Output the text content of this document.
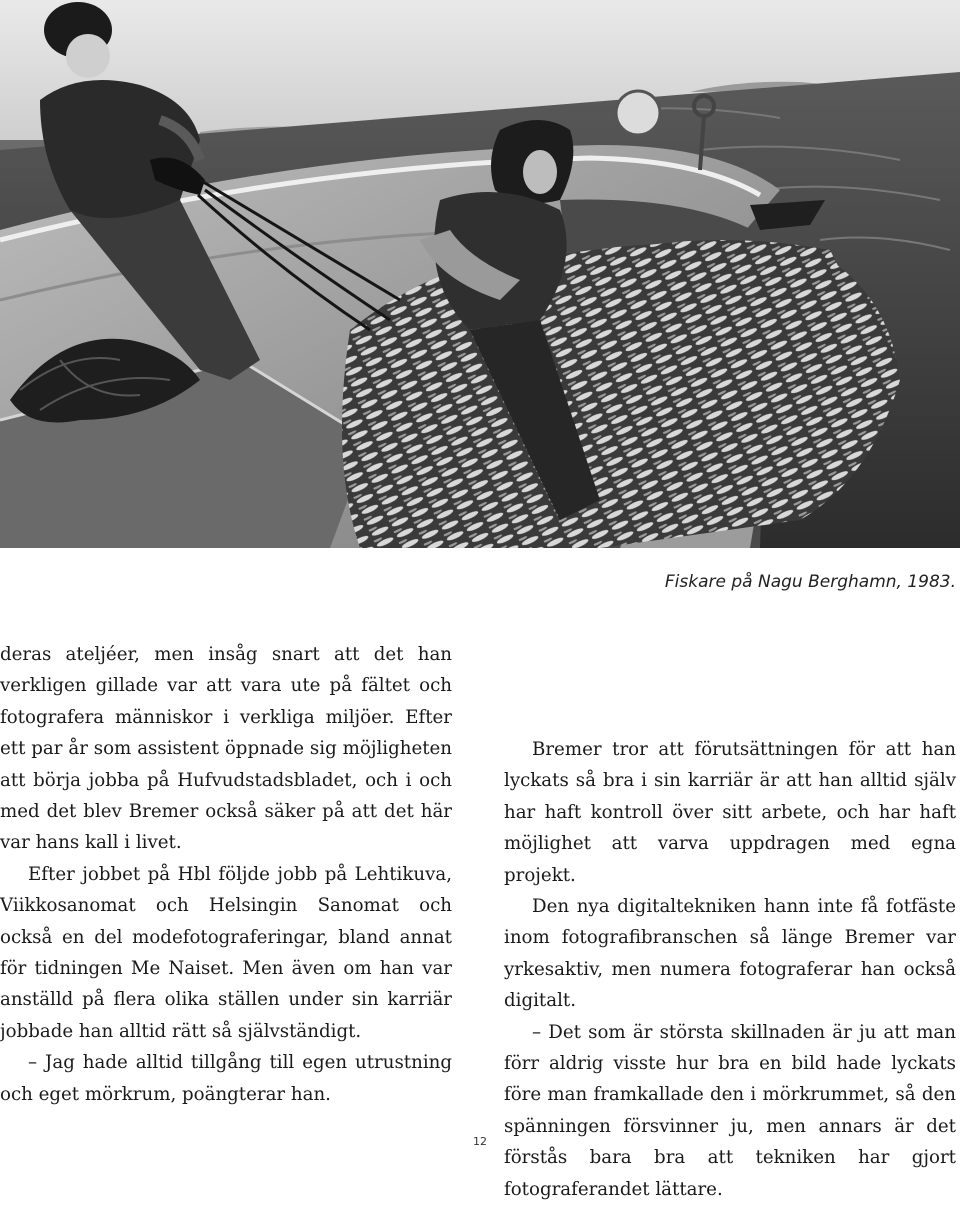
Fiskare på Nagu Berghamn, 1983.

deras ateljéer, men insåg snart att det han verkligen gillade var att vara ute på fältet och fotografera människor i verkliga miljöer. Efter ett par år som assistent öppnade sig möjligheten att börja jobba på Hufvudstadsbladet, och i och med det blev Bremer också säker på att det här var hans kall i livet.

Efter jobbet på Hbl följde jobb på Lehtikuva, Viikkosanomat och Helsingin Sanomat och också en del modefotograferingar, bland annat för tidningen Me Naiset. Men även om han var anställd på flera olika ställen under sin karriär jobbade han alltid rätt så självständigt.

– Jag hade alltid tillgång till egen utrustning och eget mörkrum, poängterar han.

Bremer tror att förutsättningen för att han lyckats så bra i sin karriär är att han alltid själv har haft kontroll över sitt arbete, och har haft möjlighet att varva uppdragen med egna projekt.

Den nya digitaltekniken hann inte få fotfäste inom fotografibranschen så länge Bremer var yrkesaktiv, men numera fotograferar han också digitalt.

– Det som är största skillnaden är ju att man förr aldrig visste hur bra en bild hade lyckats före man framkallade den i mörkrummet, så den spänningen försvinner ju, men annars är det förstås bara bra att tekniken har gjort fotograferandet lättare.

12
